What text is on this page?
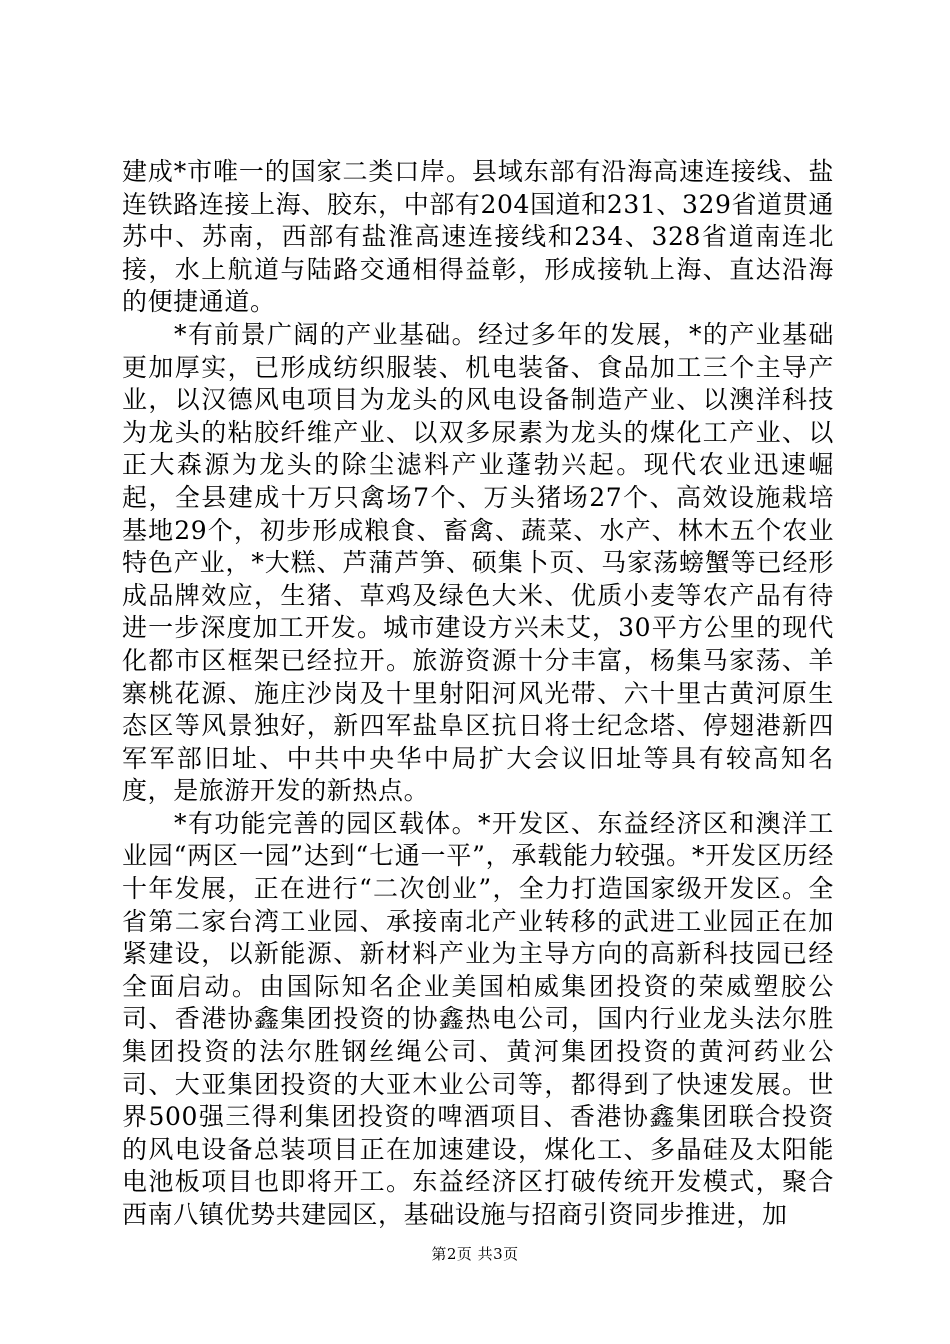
建成*市唯一的国家二类口岸。县域东部有沿海高速连接线、盐连铁路连接上海、胶东，中部有204国道和231、329省道贯通苏中、苏南，西部有盐淮高速连接线和234、328省道南连北接，水上航道与陆路交通相得益彰，形成接轨上海、直达沿海的便捷通道。

*有前景广阔的产业基础。经过多年的发展，*的产业基础更加厚实，已形成纺织服装、机电装备、食品加工三个主导产业，以汉德风电项目为龙头的风电设备制造产业、以澳洋科技为龙头的粘胶纤维产业、以双多尿素为龙头的煤化工产业、以正大森源为龙头的除尘滤料产业蓬勃兴起。现代农业迅速崛起，全县建成十万只禽场7个、万头猪场27个、高效设施栽培基地29个，初步形成粮食、畜禽、蔬菜、水产、林木五个农业特色产业，*大糕、芦蒲芦笋、硕集卜页、马家荡螃蟹等已经形成品牌效应，生猪、草鸡及绿色大米、优质小麦等农产品有待进一步深度加工开发。城市建设方兴未艾，30平方公里的现代化都市区框架已经拉开。旅游资源十分丰富，杨集马家荡、羊寨桃花源、施庄沙岗及十里射阳河风光带、六十里古黄河原生态区等风景独好，新四军盐阜区抗日将士纪念塔、停翅港新四军军部旧址、中共中央华中局扩大会议旧址等具有较高知名度，是旅游开发的新热点。

*有功能完善的园区载体。*开发区、东益经济区和澳洋工业园“两区一园”达到“七通一平”，承载能力较强。*开发区历经十年发展，正在进行“二次创业”，全力打造国家级开发区。全省第二家台湾工业园、承接南北产业转移的武进工业园正在加紧建设，以新能源、新材料产业为主导方向的高新科技园已经全面启动。由国际知名企业美国柏威集团投资的荣威塑胶公司、香港协鑫集团投资的协鑫热电公司，国内行业龙头法尔胜集团投资的法尔胜钢丝绳公司、黄河集团投资的黄河药业公司、大亚集团投资的大亚木业公司等，都得到了快速发展。世界500强三得利集团投资的啤酒项目、香港协鑫集团联合投资的风电设备总装项目正在加速建设，煤化工、多晶硅及太阳能电池板项目也即将开工。东益经济区打破传统开发模式，聚合西南八镇优势共建园区，基础设施与招商引资同步推进，加

第2页 共3页
